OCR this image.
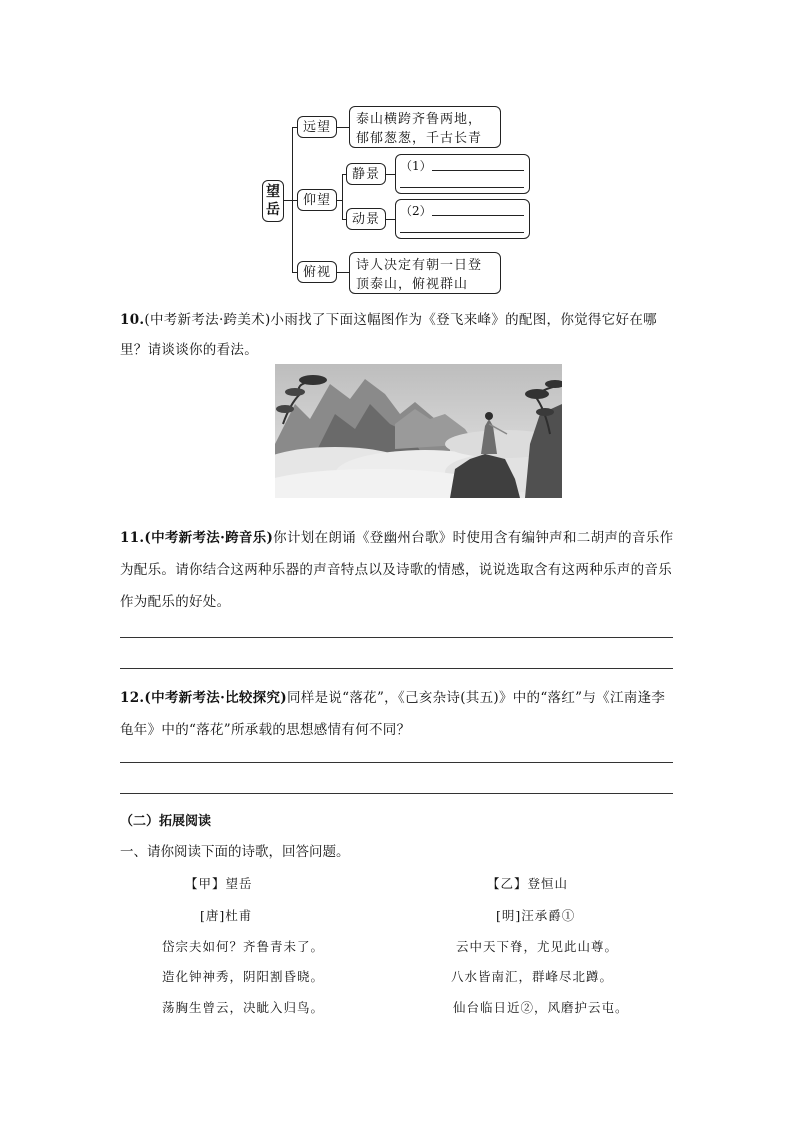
望岳
远望	泰山横跨齐鲁两地，郁郁葱葱，千古长青
仰望
静景
（1）
动景
（2）
俯视	诗人决定有朝一日登顶泰山，俯视群山
10.(中考新考法·跨美术)小雨找了下面这幅图作为《登飞来峰》的配图，你觉得它好在哪里？请谈谈你的看法。
11.(中考新考法·跨音乐)你计划在朗诵《登幽州台歌》时使用含有编钟声和二胡声的音乐作为配乐。请你结合这两种乐器的声音特点以及诗歌的情感，说说选取含有这两种乐声的音乐作为配乐的好处。
12.(中考新考法·比较探究)同样是说“落花”，《己亥杂诗(其五)》中的“落红”与《江南逢李龟年》中的“落花”所承载的思想感情有何不同？
（二）拓展阅读
一、请你阅读下面的诗歌，回答问题。
【甲】望岳
[唐]杜甫
岱宗夫如何？齐鲁青未了。
造化钟神秀，阴阳割昏晓。
荡胸生曾云，决眦入归鸟。
【乙】登恒山
[明]汪承爵①
云中天下脊，尤见此山尊。
八水皆南汇，群峰尽北蹲。
仙台临日近②，风磨护云屯。
